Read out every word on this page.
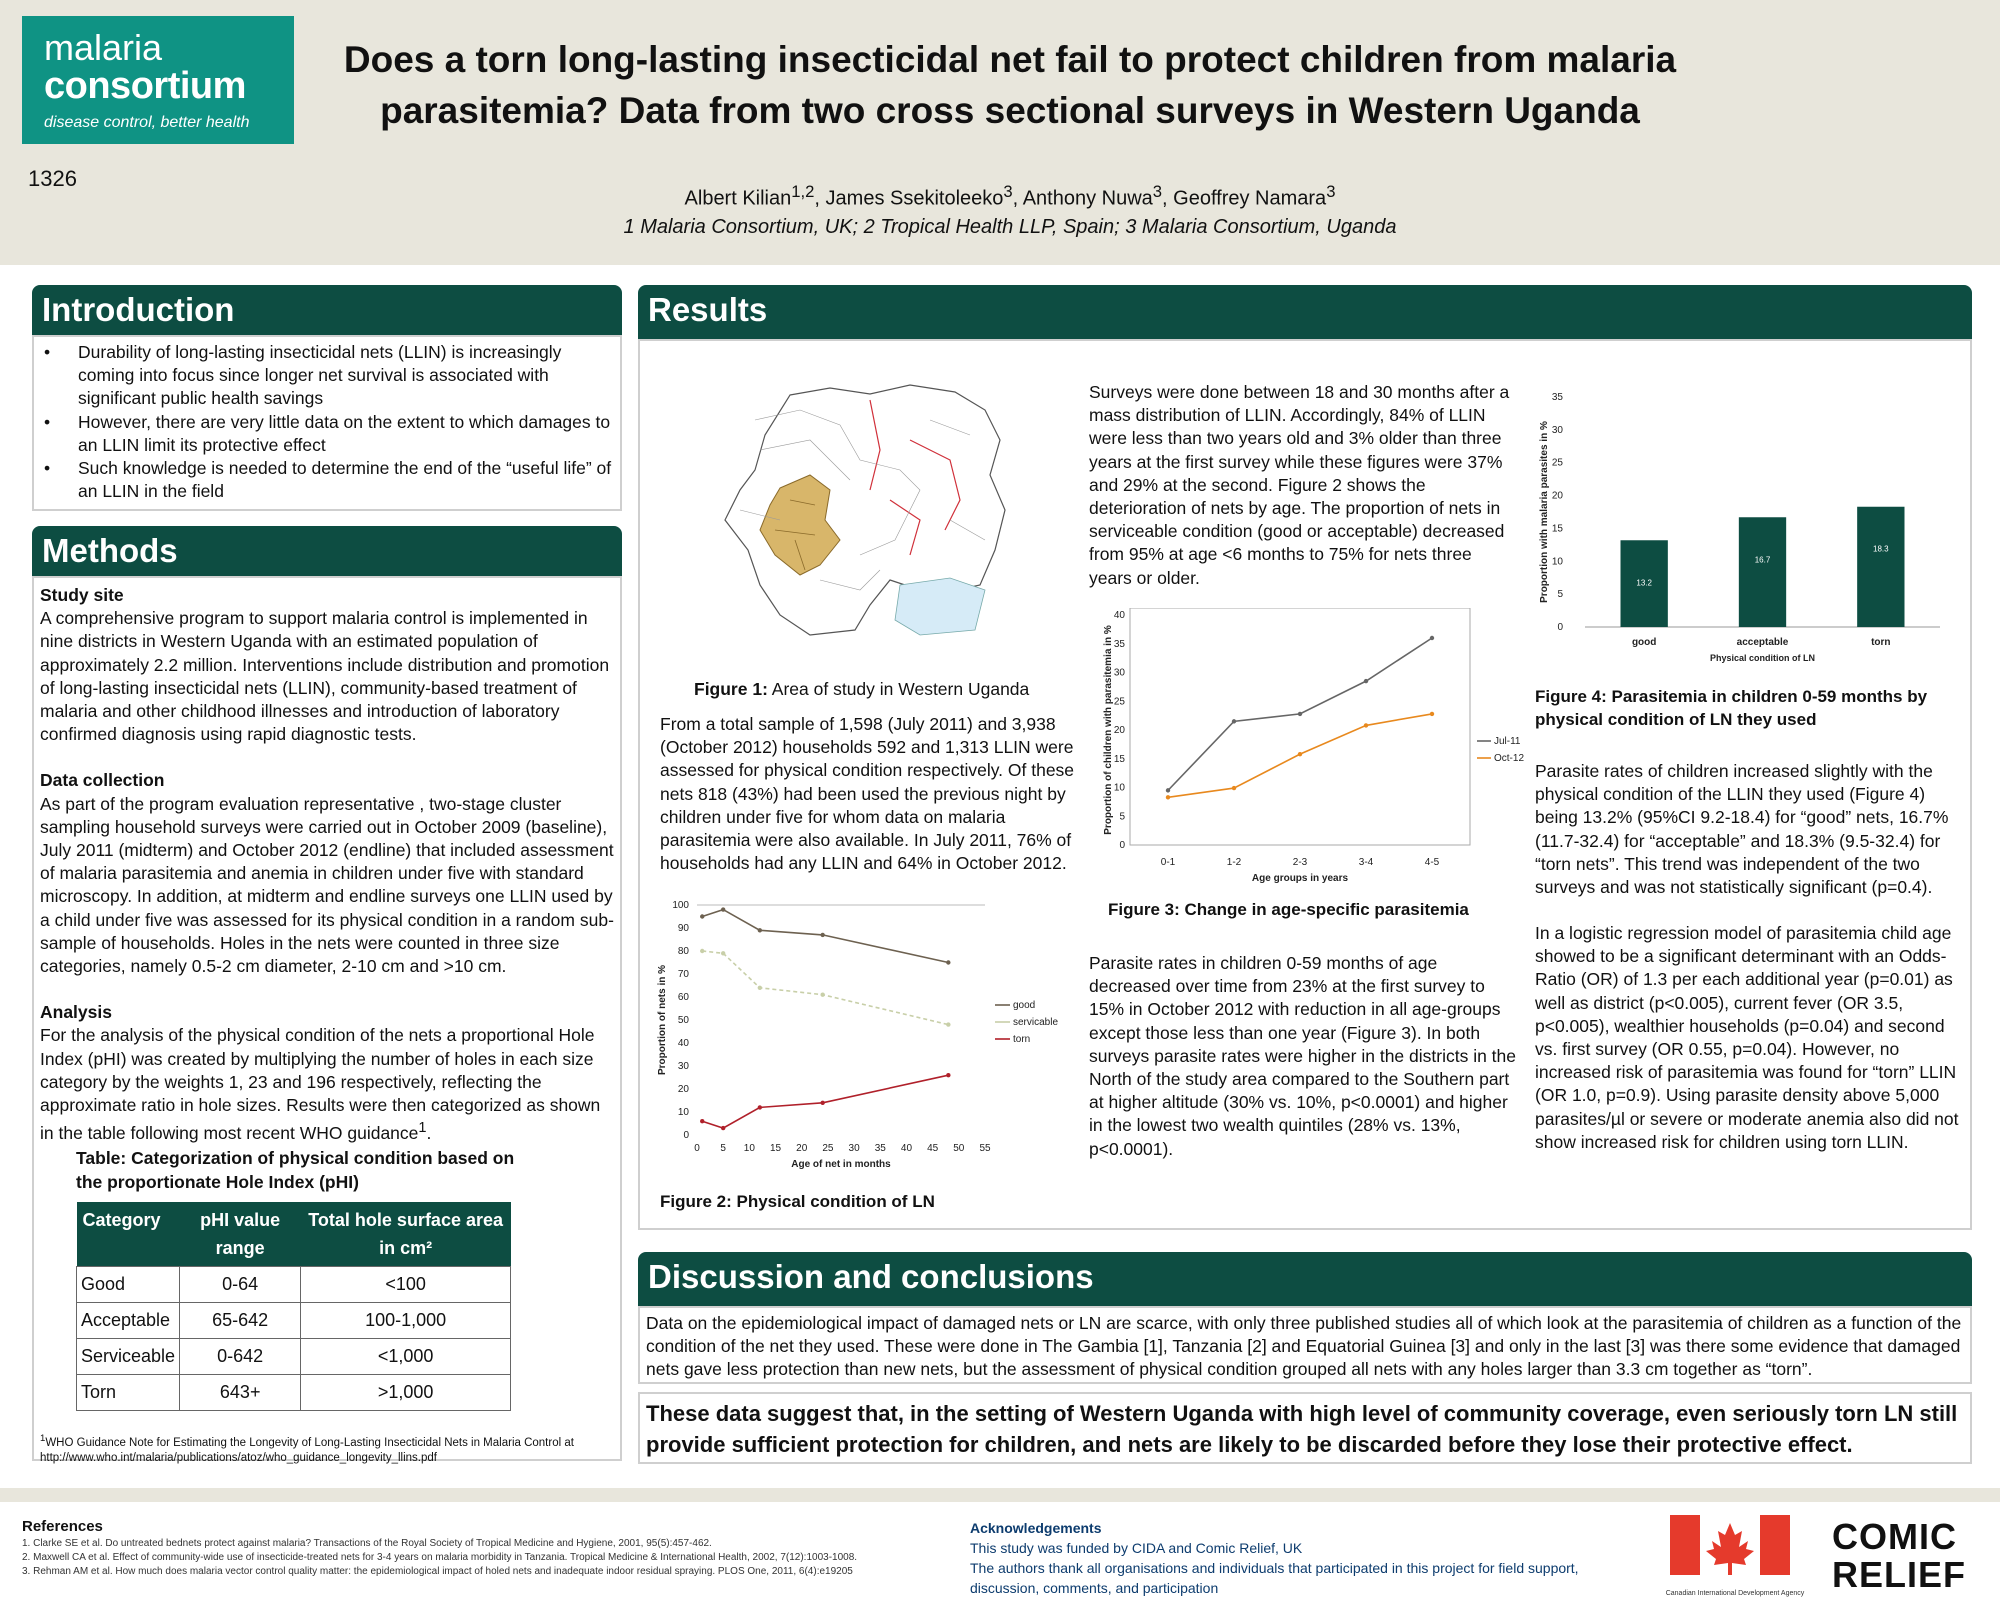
malaria
consortium
disease control, better health
1326
Does a torn long-lasting insecticidal net fail to protect children from malaria
parasitemia? Data from two cross sectional surveys in Western Uganda
Albert Kilian$^{1,2}$, James Ssekitoleeko$^3$, Anthony Nuwa$^3$, Geoffrey Namara$^3$
1 Malaria Consortium, UK; 2 Tropical Health LLP, Spain; 3 Malaria Consortium, Uganda
Introduction
• Durability of long-lasting insecticidal nets (LLIN) is increasingly coming into focus since longer net survival is associated with significant public health savings
• However, there are very little data on the extent to which damages to an LLIN limit its protective effect
• Such knowledge is needed to determine the end of the “useful life” of an LLIN in the field
Methods
Study site
A comprehensive program to support malaria control is implemented in nine districts in Western Uganda with an estimated population of approximately 2.2 million. Interventions include distribution and promotion of long-lasting insecticidal nets (LLIN), community-based treatment of malaria and other childhood illnesses and introduction of laboratory confirmed diagnosis using rapid diagnostic tests.
Data collection
As part of the program evaluation representative , two-stage cluster sampling household surveys were carried out in October 2009 (baseline), July 2011 (midterm) and October 2012 (endline) that included assessment of malaria parasitemia and anemia in children under five with standard microscopy. In addition, at midterm and endline surveys one LLIN used by a child under five was assessed for its physical condition in a random sub-sample of households. Holes in the nets were counted in three size categories, namely 0.5-2 cm diameter, 2-10 cm and >10 cm.
Analysis
For the analysis of the physical condition of the nets a proportional Hole Index (pHI) was created by multiplying the number of holes in each size category by the weights 1, 23 and 196 respectively, reflecting the approximate ratio in hole sizes. Results were then categorized as shown in the table following most recent WHO guidance$^1$.
Table: Categorization of physical condition based on the proportionate Hole Index (pHI)
Category	pHI value range	Total hole surface area in cm²
Good	0-64	<100
Acceptable	65-642	100-1,000
Serviceable	0-642	<1,000
Torn	643+	>1,000
$^1$WHO Guidance Note for Estimating the Longevity of Long-Lasting Insecticidal Nets in Malaria Control at http://www.who.int/malaria/publications/atoz/who_guidance_longevity_llins.pdf
Results
Figure 1: Area of study in Western Uganda
From a total sample of 1,598 (July 2011) and 3,938 (October 2012) households 592 and 1,313 LLIN were assessed for physical condition respectively. Of these nets 818 (43%) had been used the previous night by children under five for whom data on malaria parasitemia were also available. In July 2011, 76% of households had any LLIN and 64% in October 2012.
0
10
20
30
40
50
60
70
80
90
100
0 5 10 15 20 25 30 35 40 45 50 55
Age of net in months
Proportion of nets in %	good
servicable
torn
Figure 2: Physical condition of LN
Surveys were done between 18 and 30 months after a mass distribution of LLIN. Accordingly, 84% of LLIN were less than two years old and 3% older than three years at the first survey while these figures were 37% and 29% at the second. Figure 2 shows the deterioration of nets by age. The proportion of nets in serviceable condition (good or acceptable) decreased from 95% at age <6 months to 75% for nets three years or older.
0
5
10
15
20
25
30
35
40
0-1	1-2	2-3	3-4	4-5
Age groups in years
Proportion of children with parasitemia in %	Jul-11
Oct-12
Figure 3: Change in age-specific parasitemia
Parasite rates in children 0-59 months of age decreased over time from 23% at the first survey to 15% in October 2012 with reduction in all age-groups except those less than one year (Figure 3). In both surveys parasite rates were higher in the districts in the North of the study area compared to the Southern part at higher altitude (30% vs. 10%, p<0.0001) and higher in the lowest two wealth quintiles (28% vs. 13%, p<0.0001).
0
5
10
15
20
25
30
35
13.2
good
16.7
acceptable
18.3
torn
Physical condition of LN
Proportion with malaria parasites in %
Figure 4: Parasitemia in children 0-59 months by physical condition of LN they used
Parasite rates of children increased slightly with the physical condition of the LLIN they used (Figure 4) being 13.2% (95%CI 9.2-18.4) for “good” nets, 16.7% (11.7-32.4) for “acceptable” and 18.3% (9.5-32.4) for “torn nets”. This trend was independent of the two surveys and was not statistically significant (p=0.4).
In a logistic regression model of parasitemia child age showed to be a significant determinant with an Odds-Ratio (OR) of 1.3 per each additional year (p=0.01) as well as district (p<0.005), current fever (OR 3.5, p<0.005), wealthier households (p=0.04) and second vs. first survey (OR 0.55, p=0.04). However, no increased risk of parasitemia was found for “torn” LLIN (OR 1.0, p=0.9). Using parasite density above 5,000 parasites/µl or severe or moderate anemia also did not show increased risk for children using torn LLIN.
Discussion and conclusions
Data on the epidemiological impact of damaged nets or LN are scarce, with only three published studies all of which look at the parasitemia of children as a function of the condition of the net they used. These were done in The Gambia [1], Tanzania [2] and Equatorial Guinea [3] and only in the last [3] was there some evidence that damaged nets gave less protection than new nets, but the assessment of physical condition grouped all nets with any holes larger than 3.3 cm together as “torn”.
These data suggest that, in the setting of Western Uganda with high level of community coverage, even seriously torn LN still provide sufficient protection for children, and nets are likely to be discarded before they lose their protective effect.
References
1. Clarke SE et al. Do untreated bednets protect against malaria? Transactions of the Royal Society of Tropical Medicine and Hygiene, 2001, 95(5):457-462.
2. Maxwell CA et al. Effect of community-wide use of insecticide-treated nets for 3-4 years on malaria morbidity in Tanzania. Tropical Medicine & International Health, 2002, 7(12):1003-1008.
3. Rehman AM et al. How much does malaria vector control quality matter: the epidemiological impact of holed nets and inadequate indoor residual spraying. PLOS One, 2011, 6(4):e19205
Acknowledgements
This study was funded by CIDA and Comic Relief, UK
The authors thank all organisations and individuals that participated in this project for field support, discussion, comments, and participation	Canadian International Development Agency
COMIC
RELIEF
